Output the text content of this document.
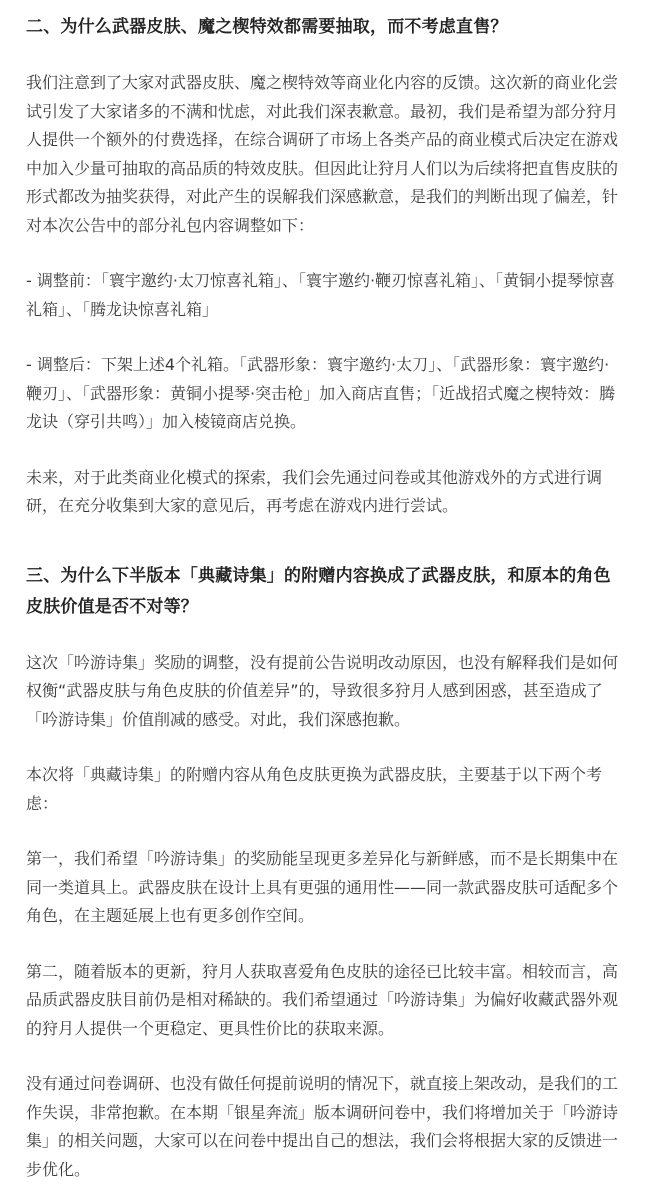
二、为什么武器皮肤、魔之楔特效都需要抽取，而不考虑直售？

我们注意到了大家对武器皮肤、魔之楔特效等商业化内容的反馈。这次新的商业化尝试引发了大家诸多的不满和忧虑，对此我们深表歉意。最初，我们是希望为部分狩月人提供一个额外的付费选择，在综合调研了市场上各类产品的商业模式后决定在游戏中加入少量可抽取的高品质的特效皮肤。但因此让狩月人们以为后续将把直售皮肤的形式都改为抽奖获得，对此产生的误解我们深感歉意，是我们的判断出现了偏差，针对本次公告中的部分礼包内容调整如下：

- 调整前：「寰宇邀约·太刀惊喜礼箱」、「寰宇邀约·鞭刃惊喜礼箱」、「黄铜小提琴惊喜礼箱」、「腾龙诀惊喜礼箱」

- 调整后：下架上述4个礼箱。「武器形象：寰宇邀约·太刀」、「武器形象：寰宇邀约·鞭刃」、「武器形象：黄铜小提琴·突击枪」加入商店直售；「近战招式魔之楔特效：腾龙诀（穿引共鸣）」加入棱镜商店兑换。

未来，对于此类商业化模式的探索，我们会先通过问卷或其他游戏外的方式进行调研，在充分收集到大家的意见后，再考虑在游戏内进行尝试。

三、为什么下半版本「典藏诗集」的附赠内容换成了武器皮肤，和原本的角色皮肤价值是否不对等？

这次「吟游诗集」奖励的调整，没有提前公告说明改动原因，也没有解释我们是如何权衡“武器皮肤与角色皮肤的价值差异”的，导致很多狩月人感到困惑，甚至造成了「吟游诗集」价值削减的感受。对此，我们深感抱歉。

本次将「典藏诗集」的附赠内容从角色皮肤更换为武器皮肤，主要基于以下两个考虑：

第一，我们希望「吟游诗集」的奖励能呈现更多差异化与新鲜感，而不是长期集中在同一类道具上。武器皮肤在设计上具有更强的通用性——同一款武器皮肤可适配多个角色，在主题延展上也有更多创作空间。

第二，随着版本的更新，狩月人获取喜爱角色皮肤的途径已比较丰富。相较而言，高品质武器皮肤目前仍是相对稀缺的。我们希望通过「吟游诗集」为偏好收藏武器外观的狩月人提供一个更稳定、更具性价比的获取来源。

没有通过问卷调研、也没有做任何提前说明的情况下，就直接上架改动，是我们的工作失误，非常抱歉。在本期「银星奔流」版本调研问卷中，我们将增加关于「吟游诗集」的相关问题，大家可以在问卷中提出自己的想法，我们会将根据大家的反馈进一步优化。
